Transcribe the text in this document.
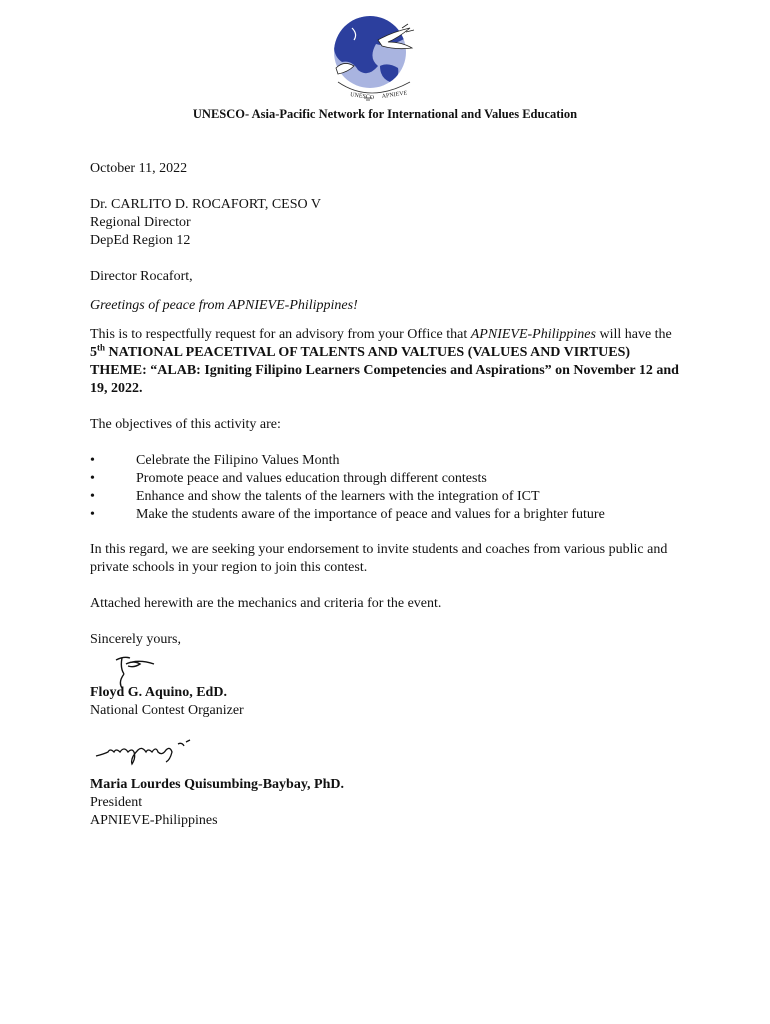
UNESCO APNIEVE
UNESCO- Asia-Pacific Network for International and Values Education
October 11, 2022
Dr. CARLITO D. ROCAFORT, CESO V
Regional Director
DepEd Region 12
Director Rocafort,
Greetings of peace from APNIEVE-Philippines!
This is to respectfully request for an advisory from your Office that APNIEVE-Philippines will have the 5th NATIONAL PEACETIVAL OF TALENTS AND VALTUES (VALUES AND VIRTUES) THEME: “ALAB: Igniting Filipino Learners Competencies and Aspirations” on November 12 and 19, 2022.
The objectives of this activity are:
•	Celebrate the Filipino Values Month
•	Promote peace and values education through different contests
•	Enhance and show the talents of the learners with the integration of ICT
•	Make the students aware of the importance of peace and values for a brighter future
In this regard, we are seeking your endorsement to invite students and coaches from various public and private schools in your region to join this contest.
Attached herewith are the mechanics and criteria for the event.
Sincerely yours,
Floyd G. Aquino, EdD.
National Contest Organizer
Maria Lourdes Quisumbing-Baybay, PhD.
President
APNIEVE-Philippines
